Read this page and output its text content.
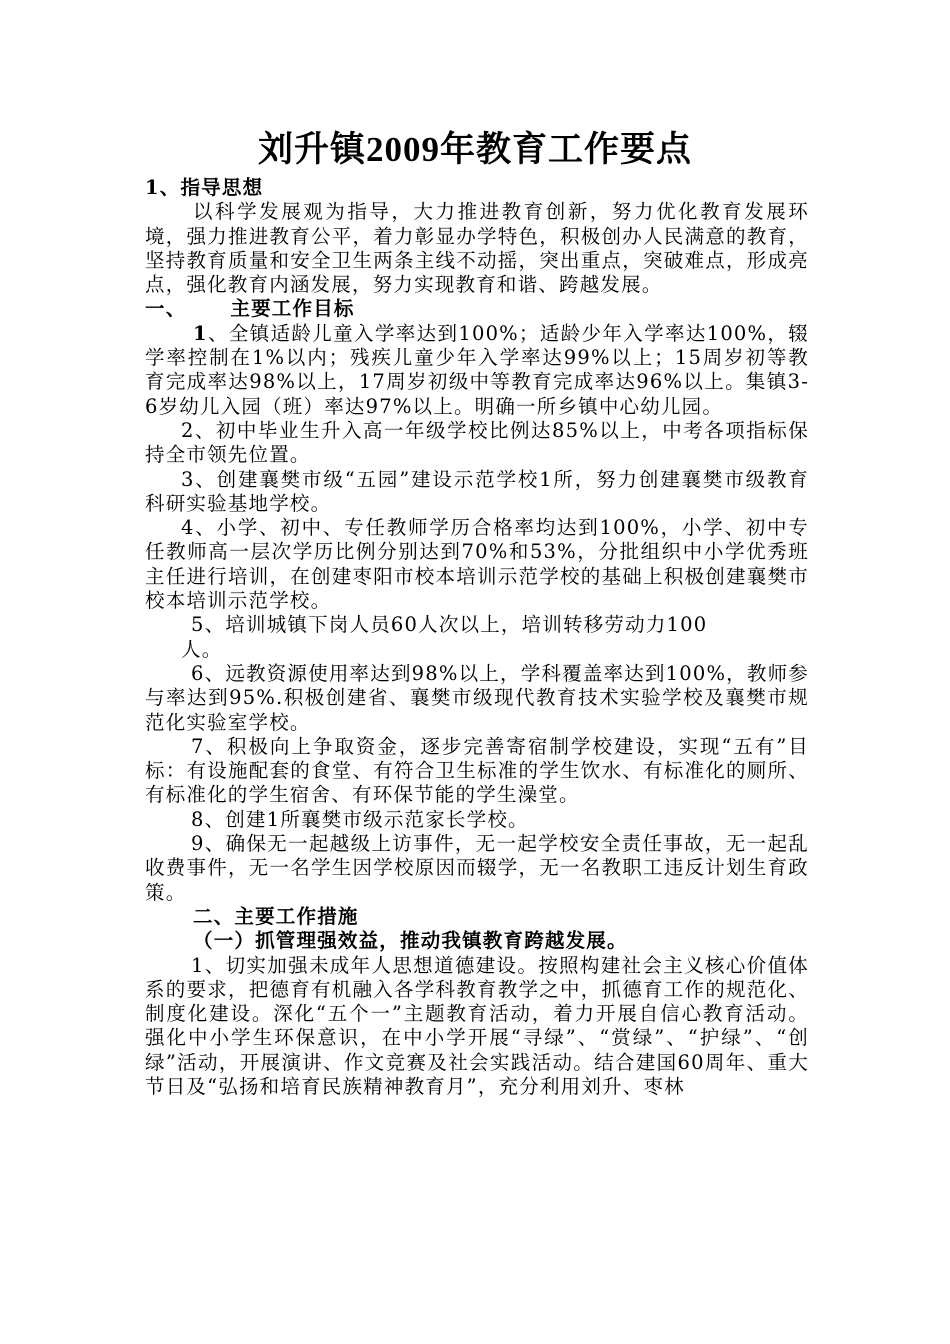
刘升镇2009年教育工作要点

1、指导思想

以科学发展观为指导，大力推进教育创新，努力优化教育发展环境，强力推进教育公平，着力彰显办学特色，积极创办人民满意的教育，坚持教育质量和安全卫生两条主线不动摇，突出重点，突破难点，形成亮点，强化教育内涵发展，努力实现教育和谐、跨越发展。

一、 主要工作目标

1、全镇适龄儿童入学率达到100%；适龄少年入学率达100%，辍学率控制在1%以内；残疾儿童少年入学率达99%以上；15周岁初等教育完成率达98%以上，17周岁初级中等教育完成率达96%以上。集镇3-6岁幼儿入园（班）率达97%以上。明确一所乡镇中心幼儿园。

2、初中毕业生升入高一年级学校比例达85%以上，中考各项指标保持全市领先位置。

3、创建襄樊市级“五园”建设示范学校1所，努力创建襄樊市级教育科研实验基地学校。

4、小学、初中、专任教师学历合格率均达到100%，小学、初中专任教师高一层次学历比例分别达到70%和53%，分批组织中小学优秀班主任进行培训，在创建枣阳市校本培训示范学校的基础上积极创建襄樊市校本培训示范学校。

5、培训城镇下岗人员60人次以上，培训转移劳动力100

人。

6、远教资源使用率达到98%以上，学科覆盖率达到100%，教师参与率达到95%.积极创建省、襄樊市级现代教育技术实验学校及襄樊市规范化实验室学校。

7、积极向上争取资金，逐步完善寄宿制学校建设，实现“五有”目标：有设施配套的食堂、有符合卫生标准的学生饮水、有标准化的厕所、有标准化的学生宿舍、有环保节能的学生澡堂。

8、创建1所襄樊市级示范家长学校。

9、确保无一起越级上访事件，无一起学校安全责任事故，无一起乱收费事件，无一名学生因学校原因而辍学，无一名教职工违反计划生育政策。

二、主要工作措施

（一）抓管理强效益，推动我镇教育跨越发展。

1、切实加强未成年人思想道德建设。按照构建社会主义核心价值体系的要求，把德育有机融入各学科教育教学之中，抓德育工作的规范化、制度化建设。深化“五个一”主题教育活动，着力开展自信心教育活动。强化中小学生环保意识，在中小学开展“寻绿”、“赏绿”、“护绿”、“创绿”活动，开展演讲、作文竞赛及社会实践活动。结合建国60周年、重大节日及“弘扬和培育民族精神教育月”，充分利用刘升、枣林
